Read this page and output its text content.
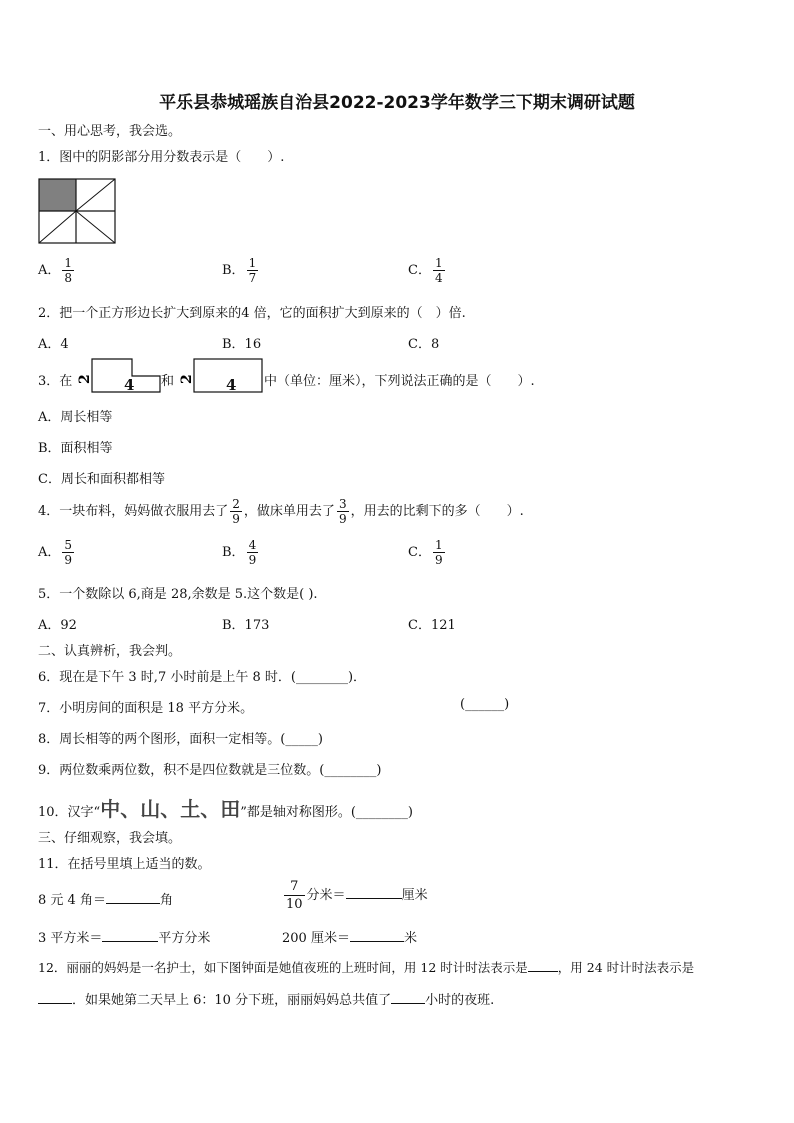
平乐县恭城瑶族自治县2022-2023学年数学三下期末调研试题
一、用心思考，我会选。
1．图中的阴影部分用分数表示是（　　）.
A． $\frac{1}{8}$	B． $\frac{1}{7}$	C． $\frac{1}{4}$
2．把一个正方形边长扩大到原来的4 倍，它的面积扩大到原来的（　）倍.
A．4	B．16	C．8
3．在 2 4 和 2 4 中（单位：厘米），下列说法正确的是（　　）.
A．周长相等
B．面积相等
C．周长和面积都相等
4．一块布料，妈妈做衣服用去了 $\frac{2}{9}$ ，做床单用去了 $\frac{3}{9}$ ，用去的比剩下的多（　　）.
A． $\frac{5}{9}$	B． $\frac{4}{9}$	C． $\frac{1}{9}$
5．一个数除以 6,商是 28,余数是 5.这个数是( ).
A．92	B．173	C．121
二、认真辨析，我会判。
6．现在是下午 3 时,7 小时前是上午 8 时．(________)．
7．小明房间的面积是 18 平方分米。	(______)
8．周长相等的两个图形，面积一定相等。(_____)
9．两位数乘两位数，积不是四位数就是三位数。(________)
10．汉字“中、山、土、田”都是轴对称图形。(________)
三、仔细观察，我会填。
11．在括号里填上适当的数。
8 元 4 角＝	角	$\frac{7}{10}$ 分米＝	厘米
3 平方米＝	平方分米	200 厘米＝	米
12．丽丽的妈妈是一名护士，如下图钟面是她值夜班的上班时间，用 12 时计时法表示是 ，用 24 时计时法表示是
．如果她第二天早上 6：10 分下班，丽丽妈妈总共值了	小时的夜班.
